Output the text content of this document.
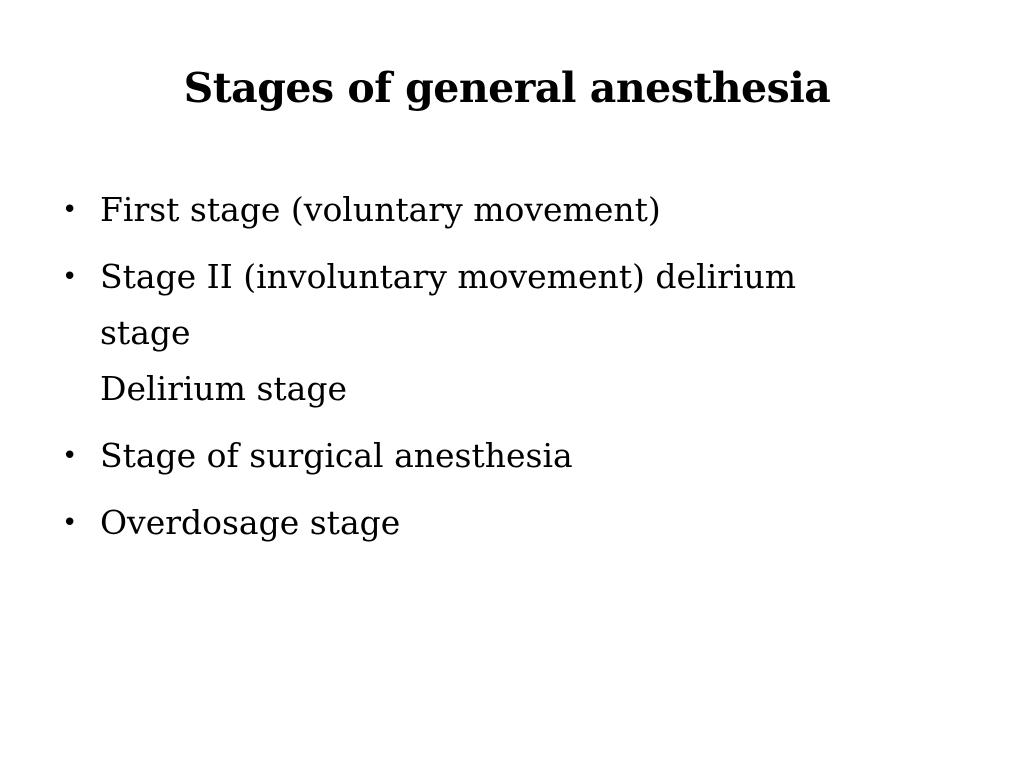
Stages of general anesthesia
• First stage (voluntary movement)
• Stage II (involuntary movement) delirium
stage
Delirium stage
• Stage of surgical anesthesia
• Overdosage stage
